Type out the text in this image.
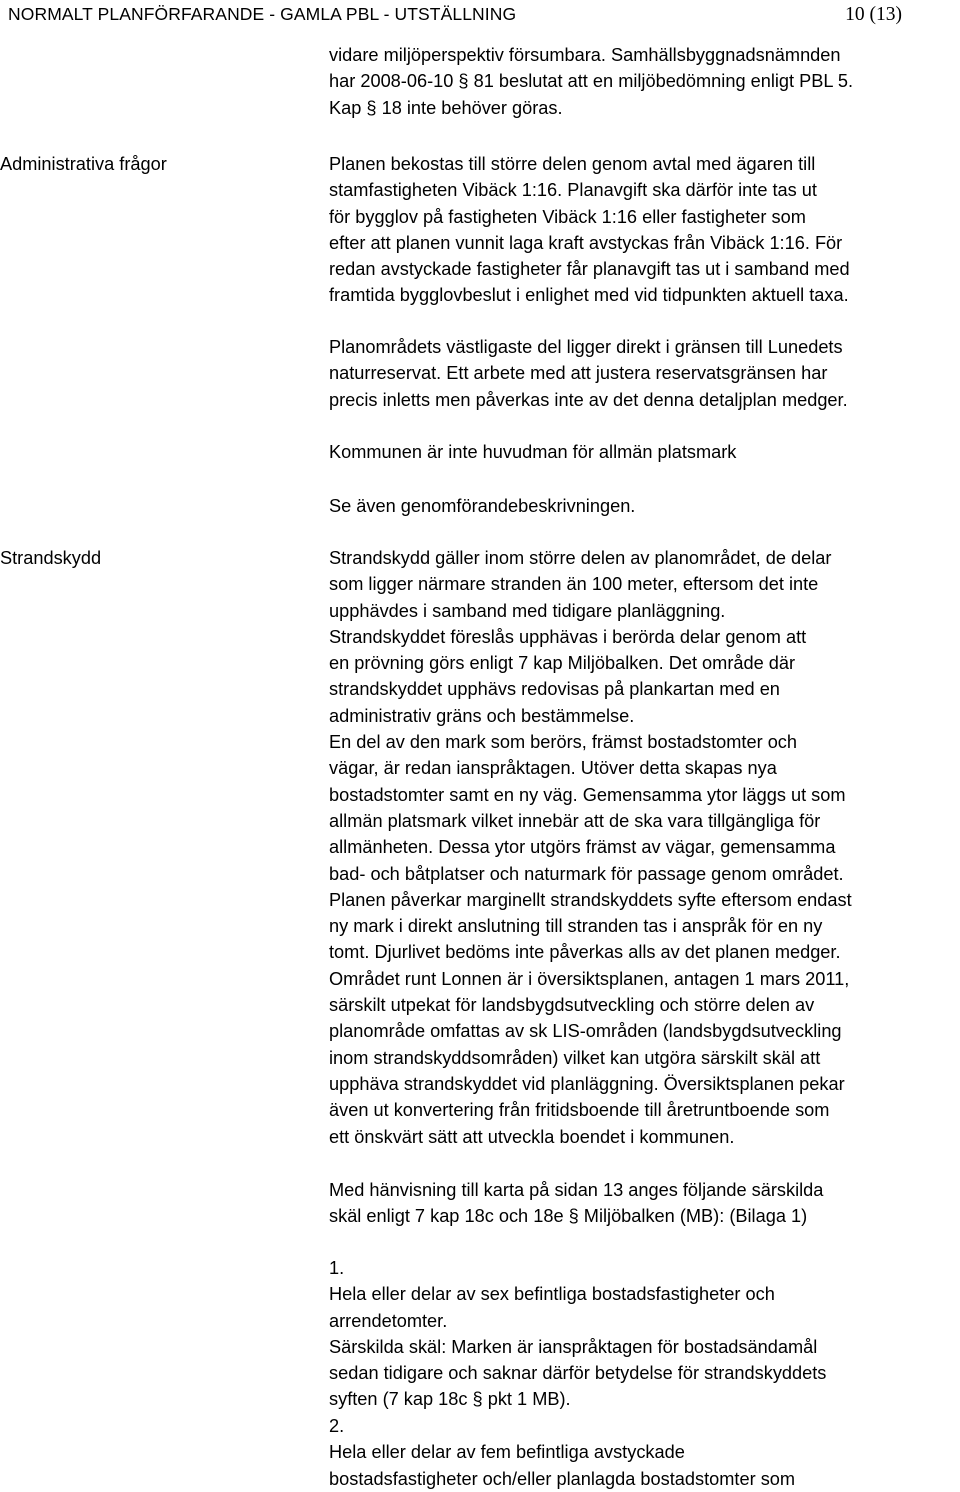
NORMALT PLANFÖRFARANDE - GAMLA PBL - UTSTÄLLNING	10 (13)

vidare miljöperspektiv försumbara. Samhällsbyggnadsnämnden
har 2008-06-10 § 81 beslutat att en miljöbedömning enligt PBL 5.
Kap § 18 inte behöver göras.

Administrativa frågor	Planen bekostas till större delen genom avtal med ägaren till
stamfastigheten Vibäck 1:16. Planavgift ska därför inte tas ut
för bygglov på fastigheten Vibäck 1:16 eller fastigheter som
efter att planen vunnit laga kraft avstyckas från Vibäck 1:16. För
redan avstyckade fastigheter får planavgift tas ut i samband med
framtida bygglovbeslut i enlighet med vid tidpunkten aktuell taxa.

Planområdets västligaste del ligger direkt i gränsen till Lunedets
naturreservat. Ett arbete med att justera reservatsgränsen har
precis inletts men påverkas inte av det denna detaljplan medger.

Kommunen är inte huvudman för allmän platsmark

Se även genomförandebeskrivningen.

Strandskydd	Strandskydd gäller inom större delen av planområdet, de delar
som ligger närmare stranden än 100 meter, eftersom det inte
upphävdes i samband med tidigare planläggning.
Strandskyddet föreslås upphävas i berörda delar genom att
en prövning görs enligt 7 kap Miljöbalken. Det område där
strandskyddet upphävs redovisas på plankartan med en
administrativ gräns och bestämmelse.
En del av den mark som berörs, främst bostadstomter och
vägar, är redan ianspråktagen. Utöver detta skapas nya
bostadstomter samt en ny väg. Gemensamma ytor läggs ut som
allmän platsmark vilket innebär att de ska vara tillgängliga för
allmänheten. Dessa ytor utgörs främst av vägar, gemensamma
bad- och båtplatser och naturmark för passage genom området.
Planen påverkar marginellt strandskyddets syfte eftersom endast
ny mark i direkt anslutning till stranden tas i anspråk för en ny
tomt. Djurlivet bedöms inte påverkas alls av det planen medger.
Området runt Lonnen är i översiktsplanen, antagen 1 mars 2011,
särskilt utpekat för landsbygdsutveckling och större delen av
planområde omfattas av sk LIS-områden (landsbygdsutveckling
inom strandskyddsområden) vilket kan utgöra särskilt skäl att
upphäva strandskyddet vid planläggning. Översiktsplanen pekar
även ut konvertering från fritidsboende till åretruntboende som
ett önskvärt sätt att utveckla boendet i kommunen.

Med hänvisning till karta på sidan 13 anges följande särskilda
skäl enligt 7 kap 18c och 18e § Miljöbalken (MB): (Bilaga 1)

1.
Hela eller delar av sex befintliga bostadsfastigheter och
arrendetomter.
Särskilda skäl: Marken är ianspråktagen för bostadsändamål
sedan tidigare och saknar därför betydelse för strandskyddets
syften (7 kap 18c § pkt 1 MB).

2.
Hela eller delar av fem befintliga avstyckade
bostadsfastigheter och/eller planlagda bostadstomter som
